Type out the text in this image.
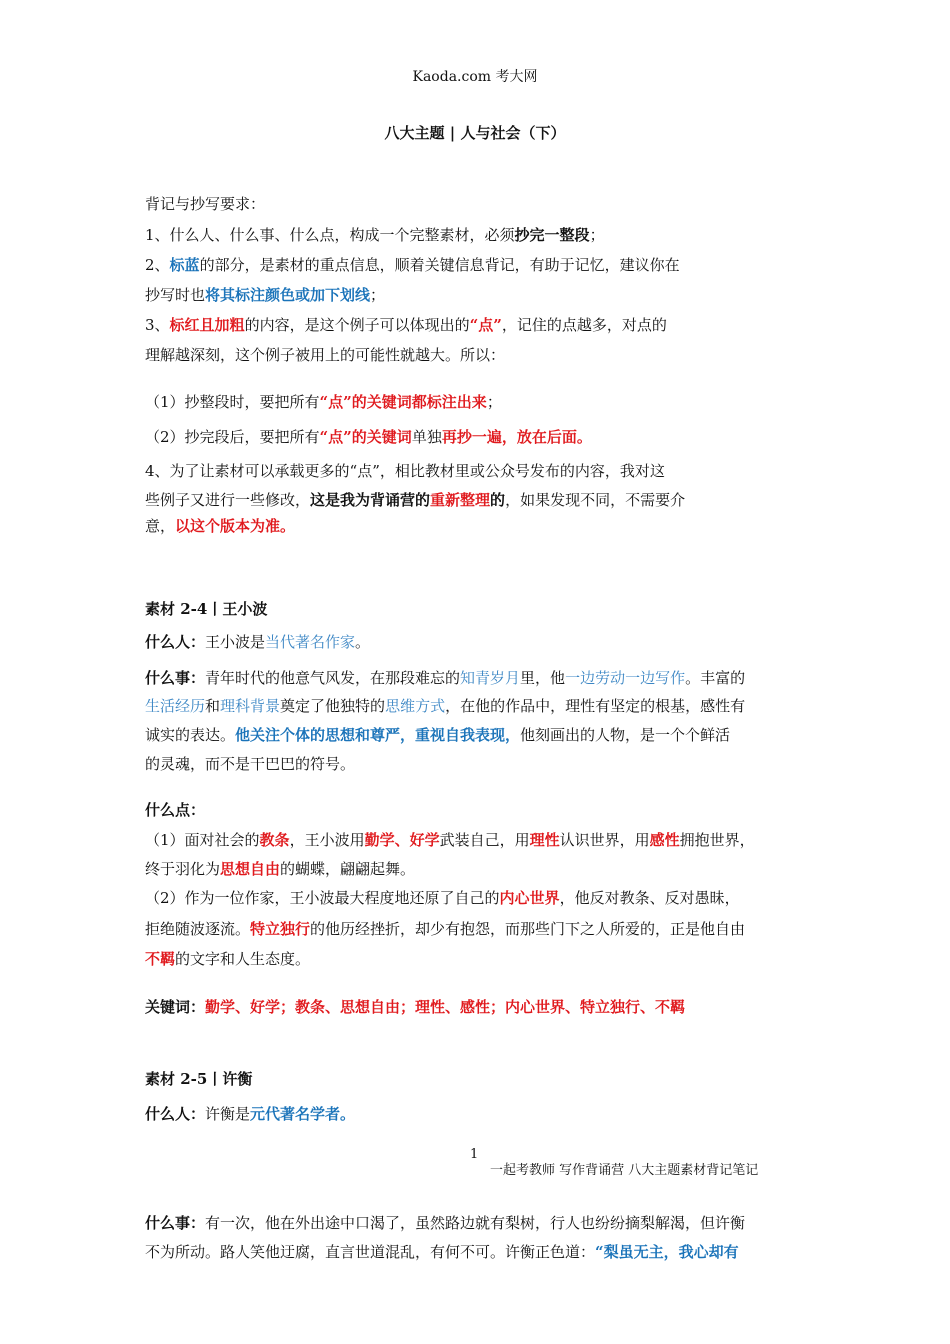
Kaoda.com 考大网
八大主题 | 人与社会（下）
背记与抄写要求：
1、什么人、什么事、什么点，构成一个完整素材，必须抄完一整段；
2、标蓝的部分，是素材的重点信息，顺着关键信息背记，有助于记忆，建议你在
抄写时也将其标注颜色或加下划线；
3、标红且加粗的内容，是这个例子可以体现出的“点”，记住的点越多，对点的
理解越深刻，这个例子被用上的可能性就越大。所以：
（1）抄整段时，要把所有“点”的关键词都标注出来；
（2）抄完段后，要把所有“点”的关键词单独再抄一遍，放在后面。
4、为了让素材可以承载更多的“点”，相比教材里或公众号发布的内容，我对这
些例子又进行一些修改，这是我为背诵营的重新整理的，如果发现不同，不需要介
意，以这个版本为准。
素材 2-4丨王小波
什么人：王小波是当代著名作家。
什么事：青年时代的他意气风发，在那段难忘的知青岁月里，他一边劳动一边写作。丰富的
生活经历和理科背景奠定了他独特的思维方式，在他的作品中，理性有坚定的根基，感性有
诚实的表达。他关注个体的思想和尊严，重视自我表现，他刻画出的人物，是一个个鲜活
的灵魂，而不是干巴巴的符号。
什么点：
（1）面对社会的教条，王小波用勤学、好学武装自己，用理性认识世界，用感性拥抱世界，
终于羽化为思想自由的蝴蝶，翩翩起舞。
（2）作为一位作家，王小波最大程度地还原了自己的内心世界，他反对教条、反对愚昧，
拒绝随波逐流。特立独行的他历经挫折，却少有抱怨，而那些门下之人所爱的，正是他自由
不羁的文字和人生态度。
关键词：勤学、好学；教条、思想自由；理性、感性；内心世界、特立独行、不羁
素材 2-5丨许衡
什么人：许衡是元代著名学者。
1
一起考教师 写作背诵营 八大主题素材背记笔记
什么事：有一次，他在外出途中口渴了，虽然路边就有梨树，行人也纷纷摘梨解渴，但许衡
不为所动。路人笑他迂腐，直言世道混乱，有何不可。许衡正色道：“梨虽无主，我心却有
